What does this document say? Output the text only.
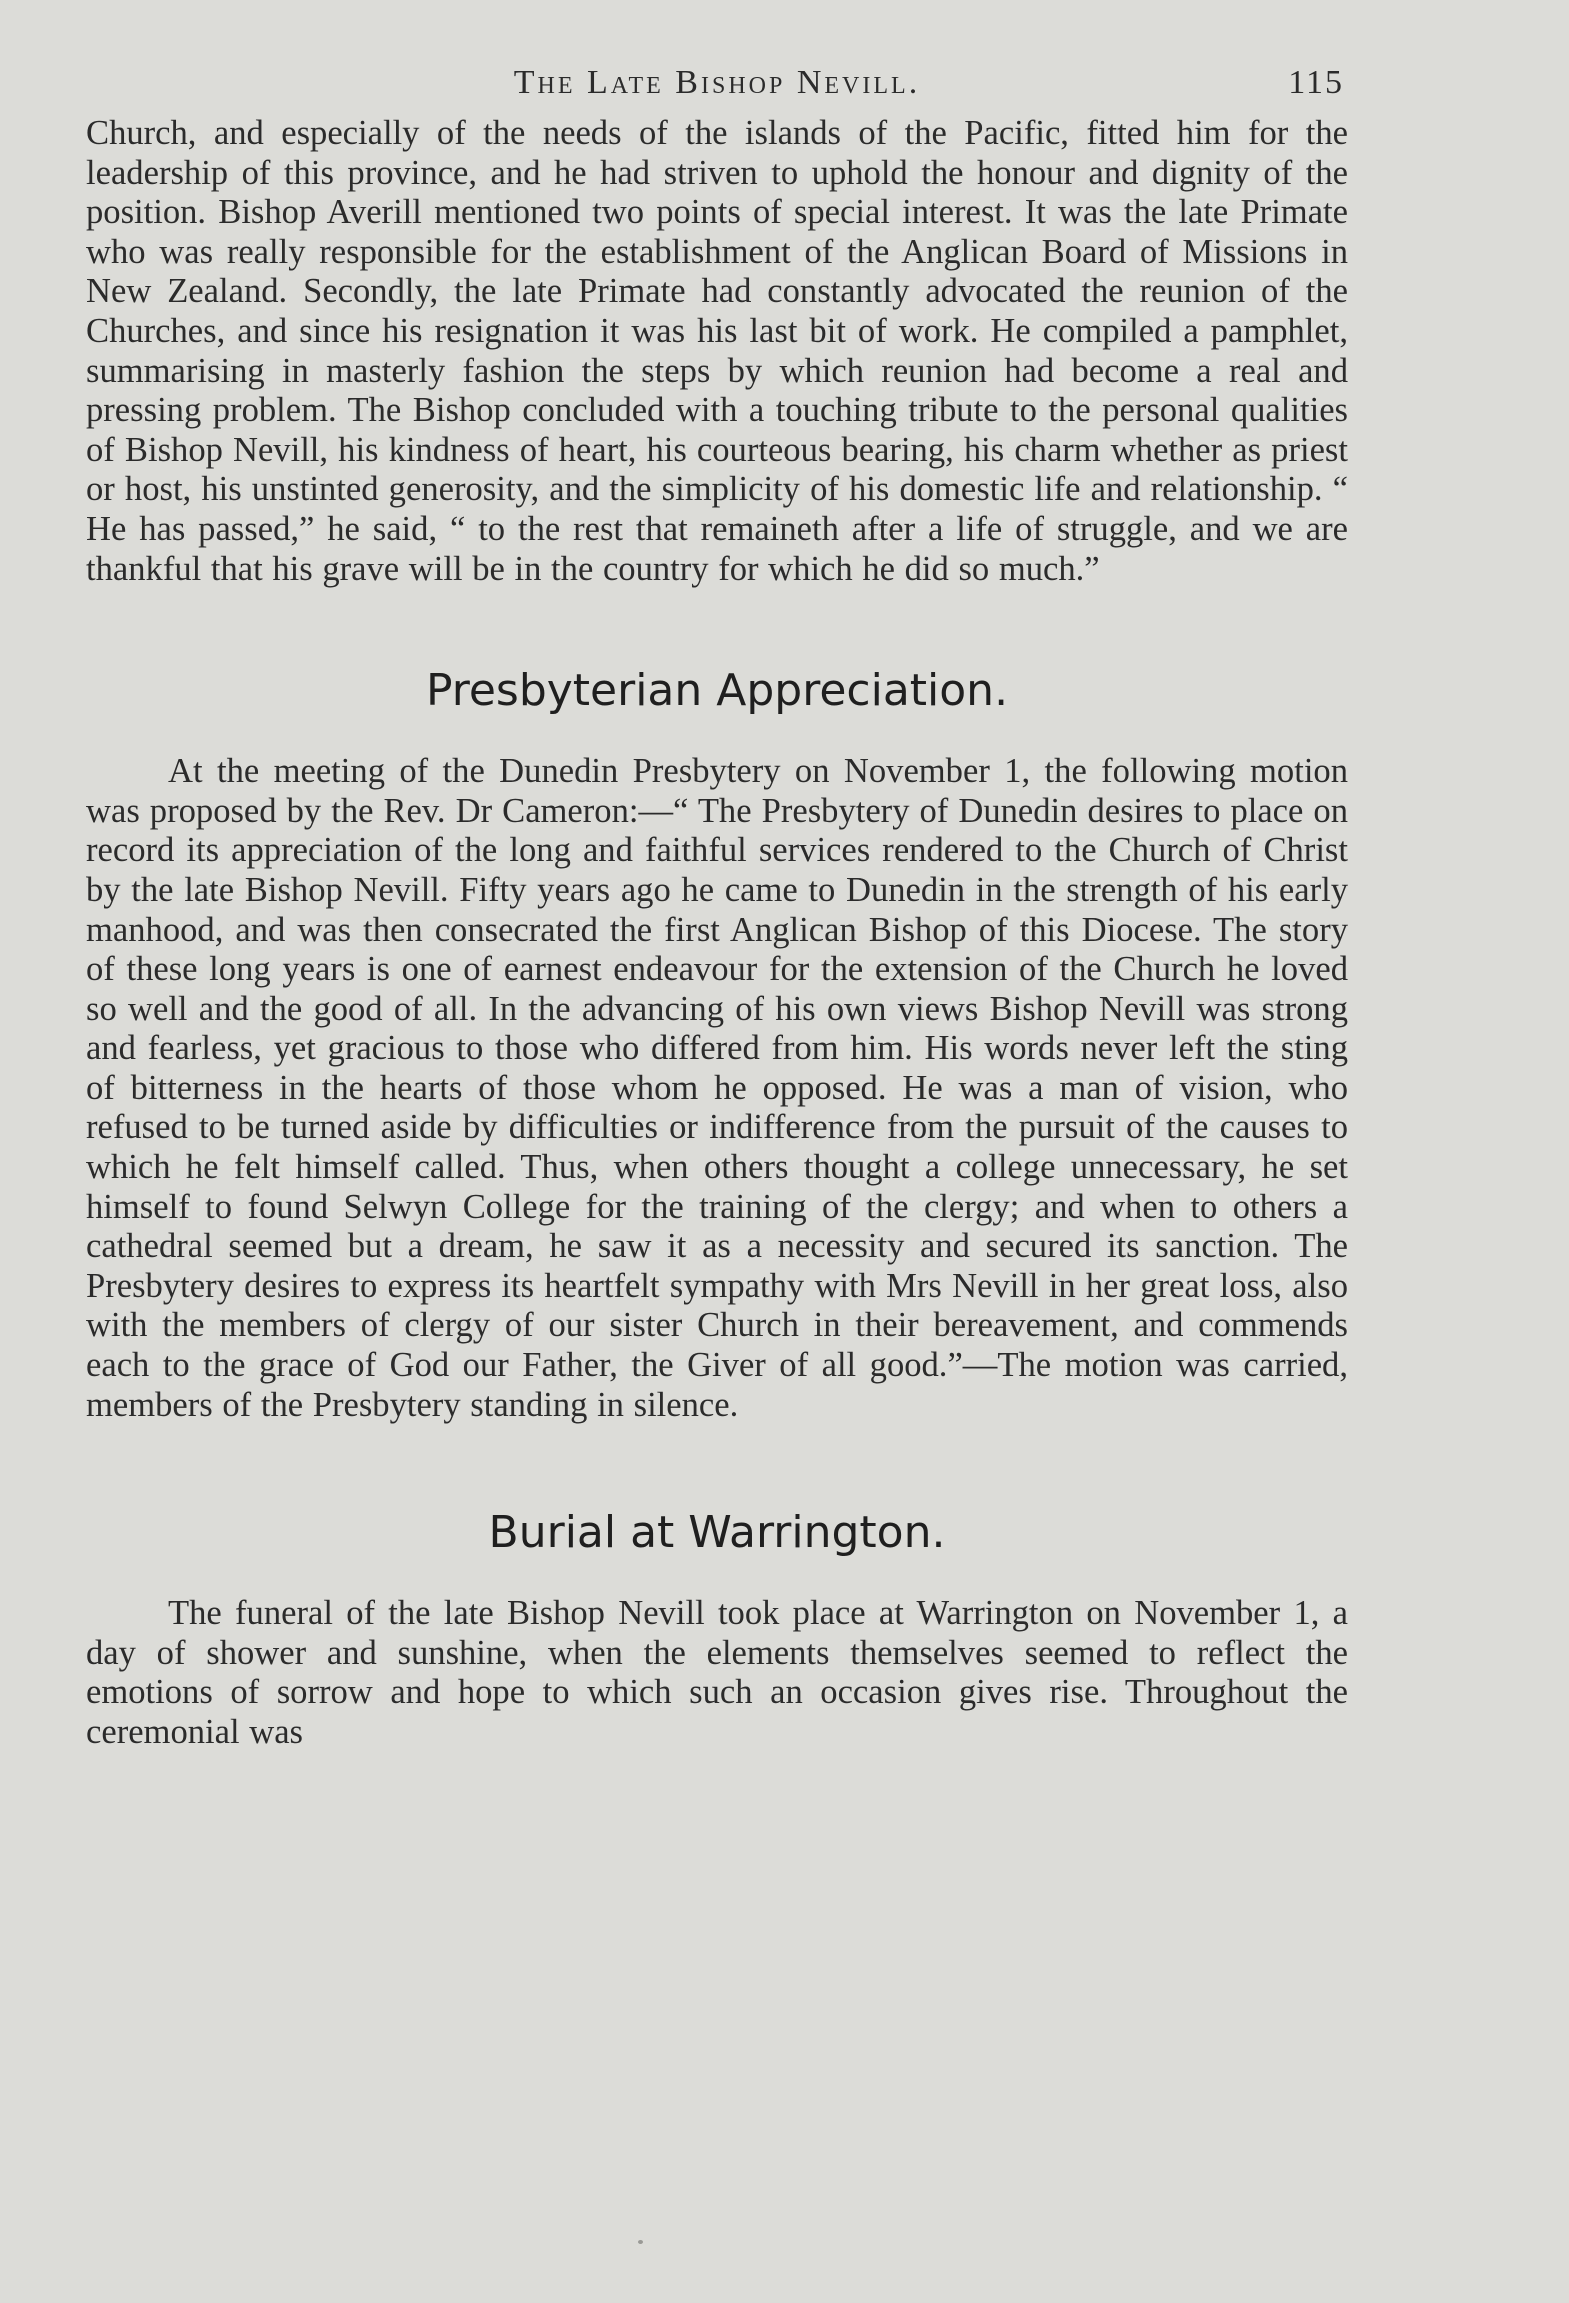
The Late Bishop Nevill.	115

Church, and especially of the needs of the islands of the Pacific, fitted him for the leadership of this province, and he had striven to uphold the honour and dignity of the position. Bishop Averill mentioned two points of special interest. It was the late Primate who was really responsible for the establishment of the Anglican Board of Missions in New Zealand. Secondly, the late Primate had constantly advocated the reunion of the Churches, and since his resignation it was his last bit of work. He compiled a pamphlet, summarising in masterly fashion the steps by which reunion had become a real and pressing problem. The Bishop concluded with a touching tribute to the personal qualities of Bishop Nevill, his kindness of heart, his courteous bearing, his charm whether as priest or host, his unstinted generosity, and the simplicity of his domestic life and relationship. “ He has passed,” he said, “ to the rest that remaineth after a life of struggle, and we are thankful that his grave will be in the country for which he did so much.”

Presbyterian Appreciation.

At the meeting of the Dunedin Presbytery on November 1, the following motion was proposed by the Rev. Dr Cameron:—“ The Presbytery of Dunedin desires to place on record its appreciation of the long and faithful services rendered to the Church of Christ by the late Bishop Nevill. Fifty years ago he came to Dunedin in the strength of his early manhood, and was then consecrated the first Anglican Bishop of this Diocese. The story of these long years is one of earnest endeavour for the extension of the Church he loved so well and the good of all. In the advancing of his own views Bishop Nevill was strong and fearless, yet gracious to those who differed from him. His words never left the sting of bitterness in the hearts of those whom he opposed. He was a man of vision, who refused to be turned aside by difficulties or indifference from the pursuit of the causes to which he felt himself called. Thus, when others thought a college unnecessary, he set himself to found Selwyn College for the training of the clergy; and when to others a cathedral seemed but a dream, he saw it as a necessity and secured its sanction. The Presbytery desires to express its heartfelt sympathy with Mrs Nevill in her great loss, also with the members of clergy of our sister Church in their bereavement, and commends each to the grace of God our Father, the Giver of all good.”—The motion was carried, members of the Presbytery standing in silence.

Burial at Warrington.

The funeral of the late Bishop Nevill took place at Warrington on November 1, a day of shower and sunshine, when the elements themselves seemed to reflect the emotions of sorrow and hope to which such an occasion gives rise. Throughout the ceremonial was
